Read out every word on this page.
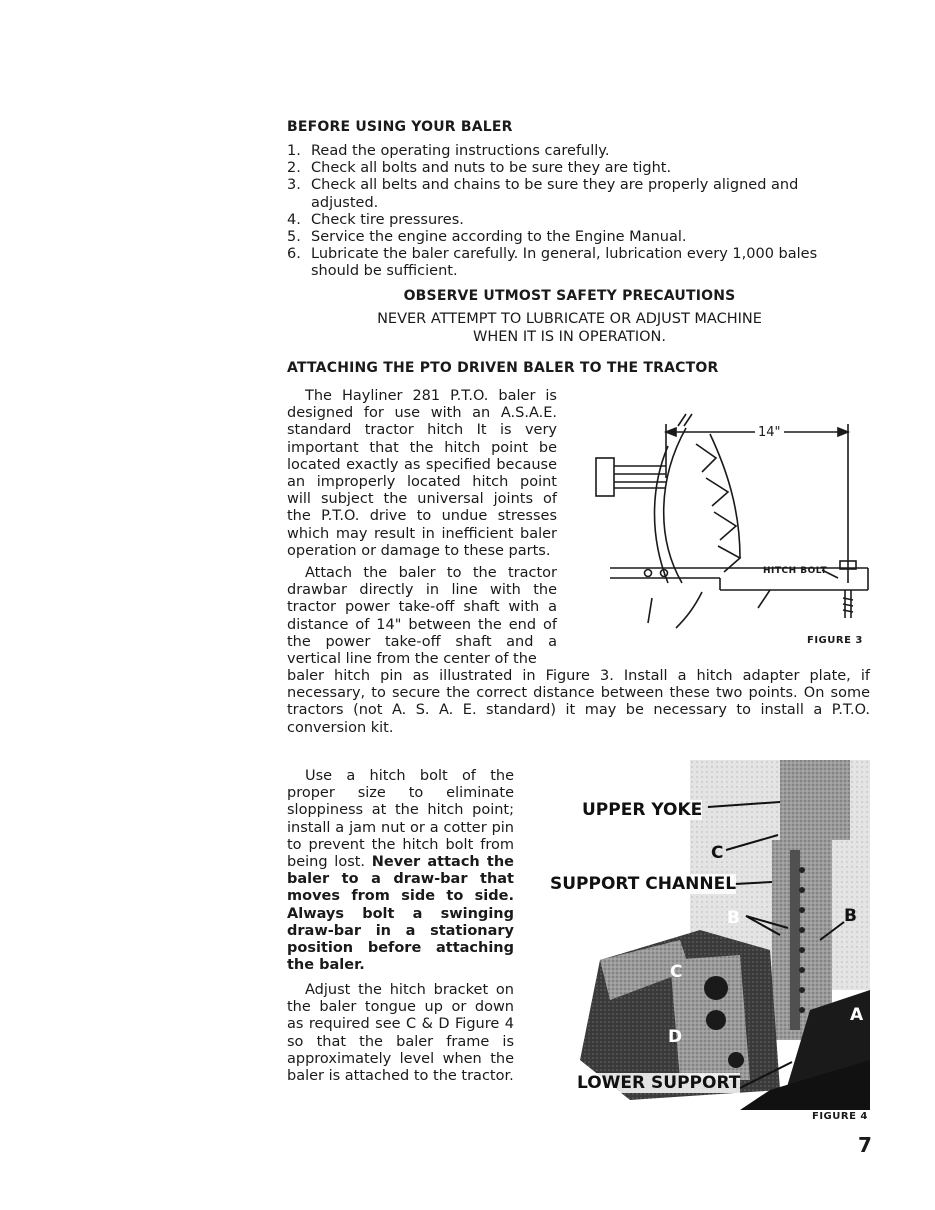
BEFORE USING YOUR BALER
1. Read the operating instructions carefully.
2. Check all bolts and nuts to be sure they are tight.
3. Check all belts and chains to be sure they are properly aligned and adjusted.
4. Check tire pressures.
5. Service the engine according to the Engine Manual.
6. Lubricate the baler carefully. In general, lubrication every 1,000 bales should be sufficient.
OBSERVE UTMOST SAFETY PRECAUTIONS
NEVER ATTEMPT TO LUBRICATE OR ADJUST MACHINE
WHEN IT IS IN OPERATION.
ATTACHING THE PTO DRIVEN BALER TO THE TRACTOR
The Hayliner 281 P.T.O. baler is designed for use with an A.S.A.E. standard tractor hitch It is very important that the hitch point be located exactly as specified because an improperly located hitch point will subject the universal joints of the P.T.O. drive to undue stresses which may result in inefficient baler operation or damage to these parts.
Attach the baler to the tractor drawbar directly in line with the tractor power take-off shaft with a distance of 14" between the end of the power take-off shaft and a vertical line from the center of the
baler hitch pin as illustrated in Figure 3. Install a hitch adapter plate, if necessary, to secure the correct distance between these two points. On some tractors (not A. S. A. E. standard) it may be necessary to install a P.T.O. conversion kit.
14"
HITCH BOLT
FIGURE 3
Use a hitch bolt of the proper size to eliminate sloppiness at the hitch point; install a jam nut or a cotter pin to prevent the hitch bolt from being lost. Never attach the baler to a draw-bar that moves from side to side. Always bolt a swinging draw-bar in a stationary position before attaching the baler.
Adjust the hitch bracket on the baler tongue up or down as required see C & D Figure 4 so that the baler frame is approximately level when the baler is attached to the tractor.
UPPER YOKE
C
SUPPORT CHANNEL
B	B
C
A
D
LOWER SUPPORT
FIGURE 4
7
